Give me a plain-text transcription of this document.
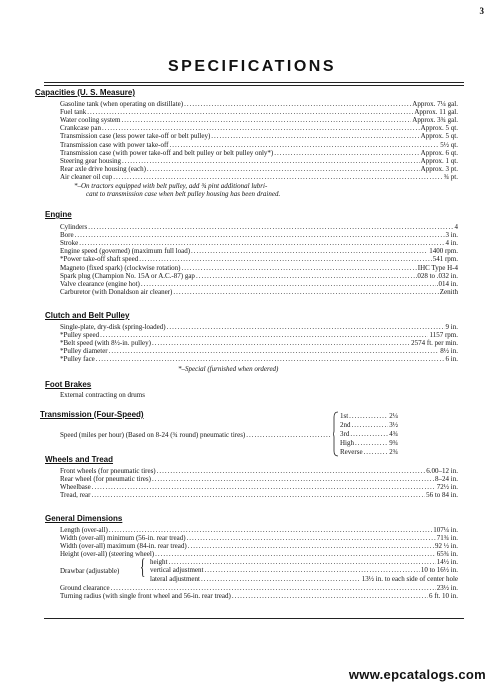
3
SPECIFICATIONS
Capacities (U. S. Measure)
Gasoline tank (when operating on distillate) .....	Approx. 7¼ gal.
Fuel tank .....	Approx. 11 gal.
Water cooling system .....	Approx. 3¾ gal.
Crankcase pan .....	Approx. 5 qt.
Transmission case (less power take-off or belt pulley) .....	Approx. 5 qt.
Transmission case with power take-off .....	5½ qt.
Transmission case (with power take-off and belt pulley or belt pulley only*) .....	Approx. 6 qt.
Steering gear housing .....	Approx. 1 qt.
Rear axle drive housing (each) .....	Approx. 3 pt.
Air cleaner oil cup .....	¾ pt.
*–On tractors equipped with belt pulley, add ¾ pint additional lubri-
cant to transmission case when belt pulley housing has been drained.
Engine
Cylinders .....	4
Bore .....	3 in.
Stroke .....	4 in.
Engine speed (governed) (maximum full load) .....	1400 rpm.
*Power take-off shaft speed .....	541 rpm.
Magneto (fixed spark) (clockwise rotation) .....	IHC Type H-4
Spark plug (Champion No. 15A or A.C.-87) gap .....	.028 to .032 in.
Valve clearance (engine hot) .....	.014 in.
Carburetor (with Donaldson air cleaner) .....	Zenith
Clutch and Belt Pulley
Single-plate, dry-disk (spring-loaded) .....	9 in.
*Pulley speed .....	1157 rpm.
*Belt speed (with 8½-in. pulley) .....	2574 ft. per min.
*Pulley diameter .....	8½ in.
*Pulley face .....	6 in.
*–Special (furnished when ordered)
Foot Brakes
External contracting on drums
Transmission (Four-Speed)
Speed (miles per hour) (Based on 8-24 (¾ round) pneumatic tires)
.....
1st .....	2¼
2nd .....	3½
3rd .....	4¾
High .....	9¾
Reverse .....	2¾
Wheels and Tread
Front wheels (for pneumatic tires) .....	6.00–12 in.
Rear wheel (for pneumatic tires) .....	8–24 in.
Wheelbase .....	72½ in.
Tread, rear .....	56 to 84 in.
General Dimensions
Length (over-all) .....	107¼ in.
Width (over-all) minimum (56-in. rear tread) .....	71¾ in.
Width (over-all) maximum (84-in. rear tread) .....	92 ½ in.
Height (over-all) (steering wheel) .....	65¾ in.
Drawbar (adjustable) { height .....	14½ in.
vertical adjustment .....	10 to 16½ in.
lateral adjustment .....	13½ in. to each side of center hole
Ground clearance .....	23½ in.
Turning radius (with single front wheel and 56-in. rear tread) .....	6 ft. 10 in.
www.epcatalogs.com
